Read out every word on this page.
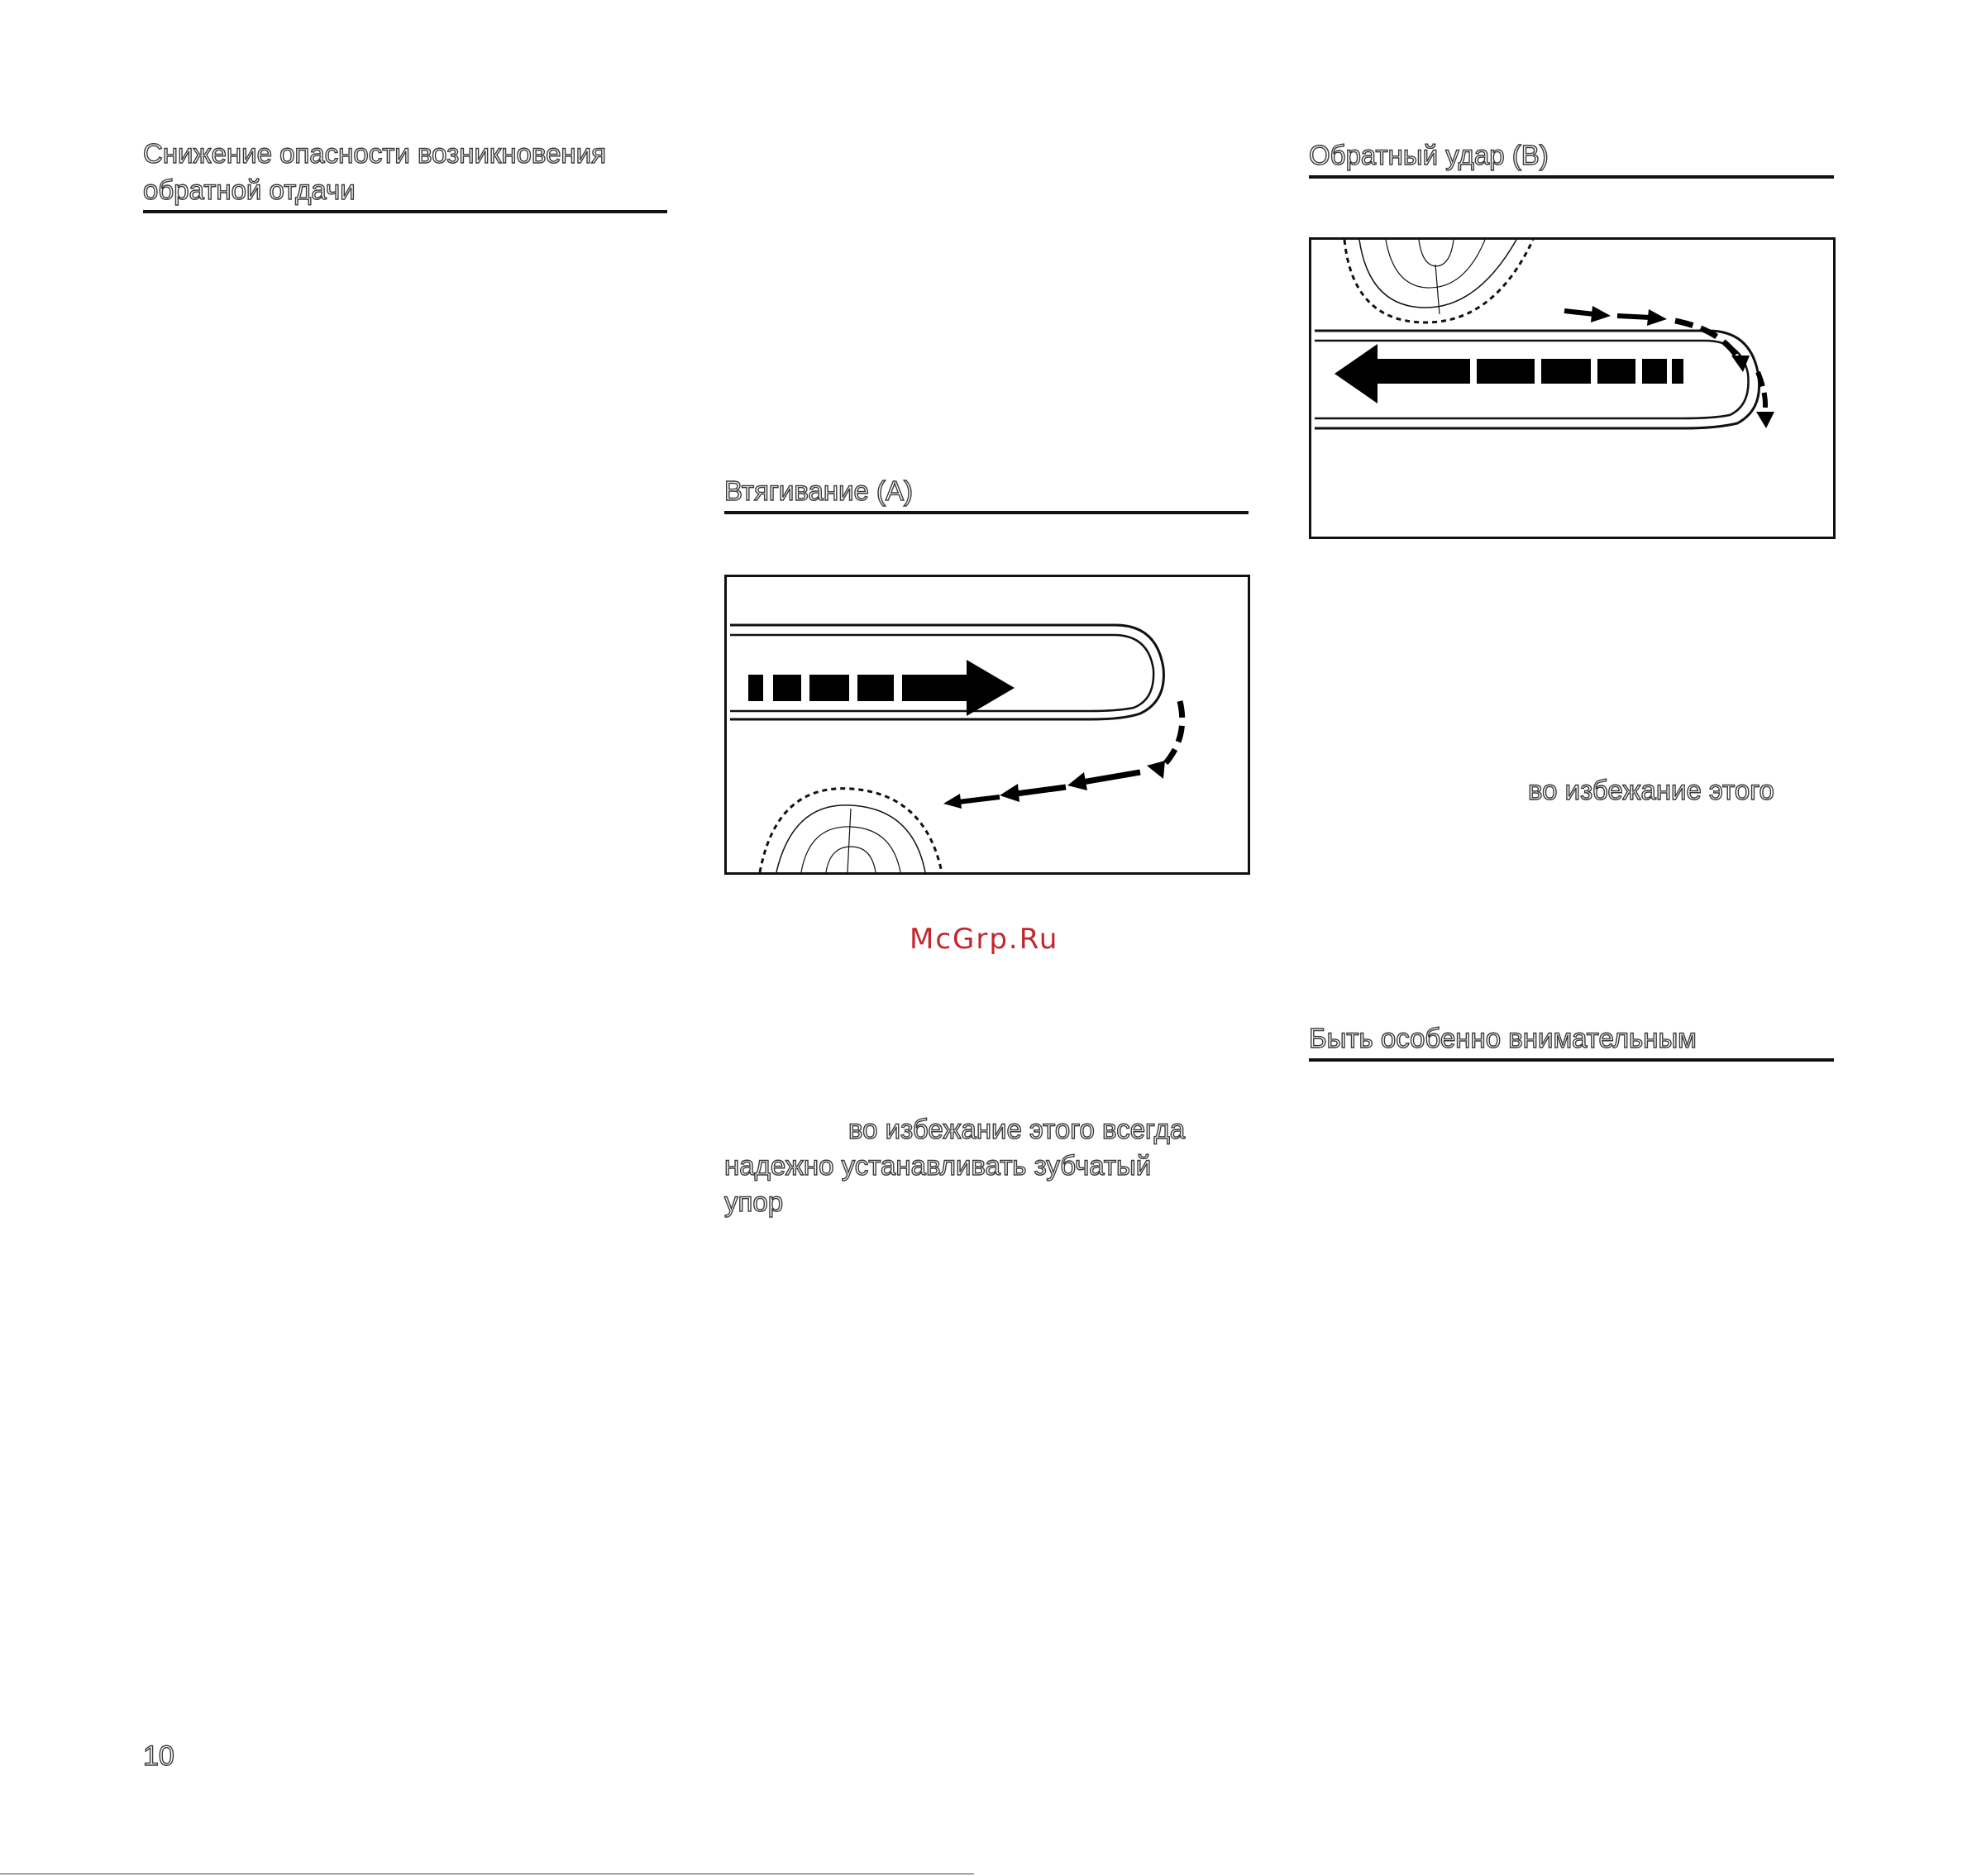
Снижение опасности возникновения
обратной отдачи
Втягивание (А)
McGrp.Ru
во избежание этого всегда
надежно устанавливать зубчатый
упор
Обратный удар (В)
во избежание этого
Быть особенно внимательным
10
